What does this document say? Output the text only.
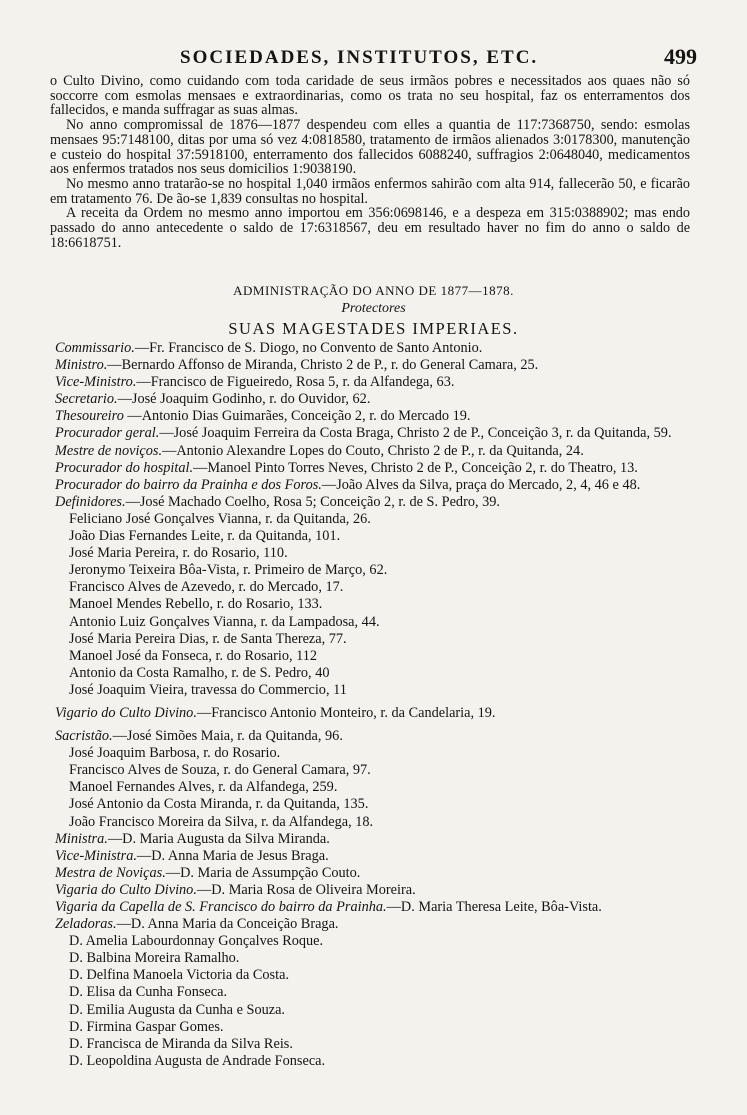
SOCIEDADES, INSTITUTOS, ETC.	499

o Culto Divino, como cuidando com toda caridade de seus irmãos pobres e necessitados aos quaes não só soccorre com esmolas mensaes e extraordinarias, como os trata no seu hospital, faz os enterramentos dos fallecidos, e manda suffragar as suas almas.

No anno compromissal de 1876—1877 despendeu com elles a quantia de 117:7368750, sendo: esmolas mensaes 95:7148100, ditas por uma só vez 4:0818580, tratamento de irmãos alienados 3:0178300, manutenção e custeio do hospital 37:5918100, enterramento dos fallecidos 6088240, suffragios 2:0648040, medicamentos aos enfermos tratados nos seus domicilios 1:9038190.

No mesmo anno tratarão-se no hospital 1,040 irmãos enfermos sahirão com alta 914, fallecerão 50, e ficarão em tratamento 76. De ão-se 1,839 consultas no hospital.

A receita da Ordem no mesmo anno importou em 356:0698146, e a despeza em 315:0388902; mas endo passado do anno antecedente o saldo de 17:6318567, deu em resultado haver no fim do anno o saldo de 18:6618751.

ADMINISTRAÇÃO DO ANNO DE 1877—1878.
Protectores
SUAS MAGESTADES IMPERIAES.
Commissario.—Fr. Francisco de S. Diogo, no Convento de Santo Antonio.
Ministro.—Bernardo Affonso de Miranda, Christo 2 de P., r. do General Camara, 25.
Vice-Ministro.—Francisco de Figueiredo, Rosa 5, r. da Alfandega, 63.
Secretario.—José Joaquim Godinho, r. do Ouvidor, 62.
Thesoureiro —Antonio Dias Guimarães, Conceição 2, r. do Mercado 19.
Procurador geral.—José Joaquim Ferreira da Costa Braga, Christo 2 de P., Conceição 3, r. da Quitanda, 59.
Mestre de noviços.—Antonio Alexandre Lopes do Couto, Christo 2 de P., r. da Quitanda, 24.
Procurador do hospital.—Manoel Pinto Torres Neves, Christo 2 de P., Conceição 2, r. do Theatro, 13.
Procurador do bairro da Prainha e dos Foros.—João Alves da Silva, praça do Mercado, 2, 4, 46 e 48.
Definidores.—José Machado Coelho, Rosa 5; Conceição 2, r. de S. Pedro, 39.
Feliciano José Gonçalves Vianna, r. da Quitanda, 26.
João Dias Fernandes Leite, r. da Quitanda, 101.
José Maria Pereira, r. do Rosario, 110.
Jeronymo Teixeira Bôa-Vista, r. Primeiro de Março, 62.
Francisco Alves de Azevedo, r. do Mercado, 17.
Manoel Mendes Rebello, r. do Rosario, 133.
Antonio Luiz Gonçalves Vianna, r. da Lampadosa, 44.
José Maria Pereira Dias, r. de Santa Thereza, 77.
Manoel José da Fonseca, r. do Rosario, 112
Antonio da Costa Ramalho, r. de S. Pedro, 40
José Joaquim Vieira, travessa do Commercio, 11
Vigario do Culto Divino.—Francisco Antonio Monteiro, r. da Candelaria, 19.
Sacristão.—José Simões Maia, r. da Quitanda, 96.
José Joaquim Barbosa, r. do Rosario.
Francisco Alves de Souza, r. do General Camara, 97.
Manoel Fernandes Alves, r. da Alfandega, 259.
José Antonio da Costa Miranda, r. da Quitanda, 135.
João Francisco Moreira da Silva, r. da Alfandega, 18.
Ministra.—D. Maria Augusta da Silva Miranda.
Vice-Ministra.—D. Anna Maria de Jesus Braga.
Mestra de Noviças.—D. Maria de Assumpção Couto.
Vigaria do Culto Divino.—D. Maria Rosa de Oliveira Moreira.
Vigaria da Capella de S. Francisco do bairro da Prainha.—D. Maria Theresa Leite, Bôa-Vista.
Zeladoras.—D. Anna Maria da Conceição Braga.
D. Amelia Labourdonnay Gonçalves Roque.
D. Balbina Moreira Ramalho.
D. Delfina Manoela Victoria da Costa.
D. Elisa da Cunha Fonseca.
D. Emilia Augusta da Cunha e Souza.
D. Firmina Gaspar Gomes.
D. Francisca de Miranda da Silva Reis.
D. Leopoldina Augusta de Andrade Fonseca.
